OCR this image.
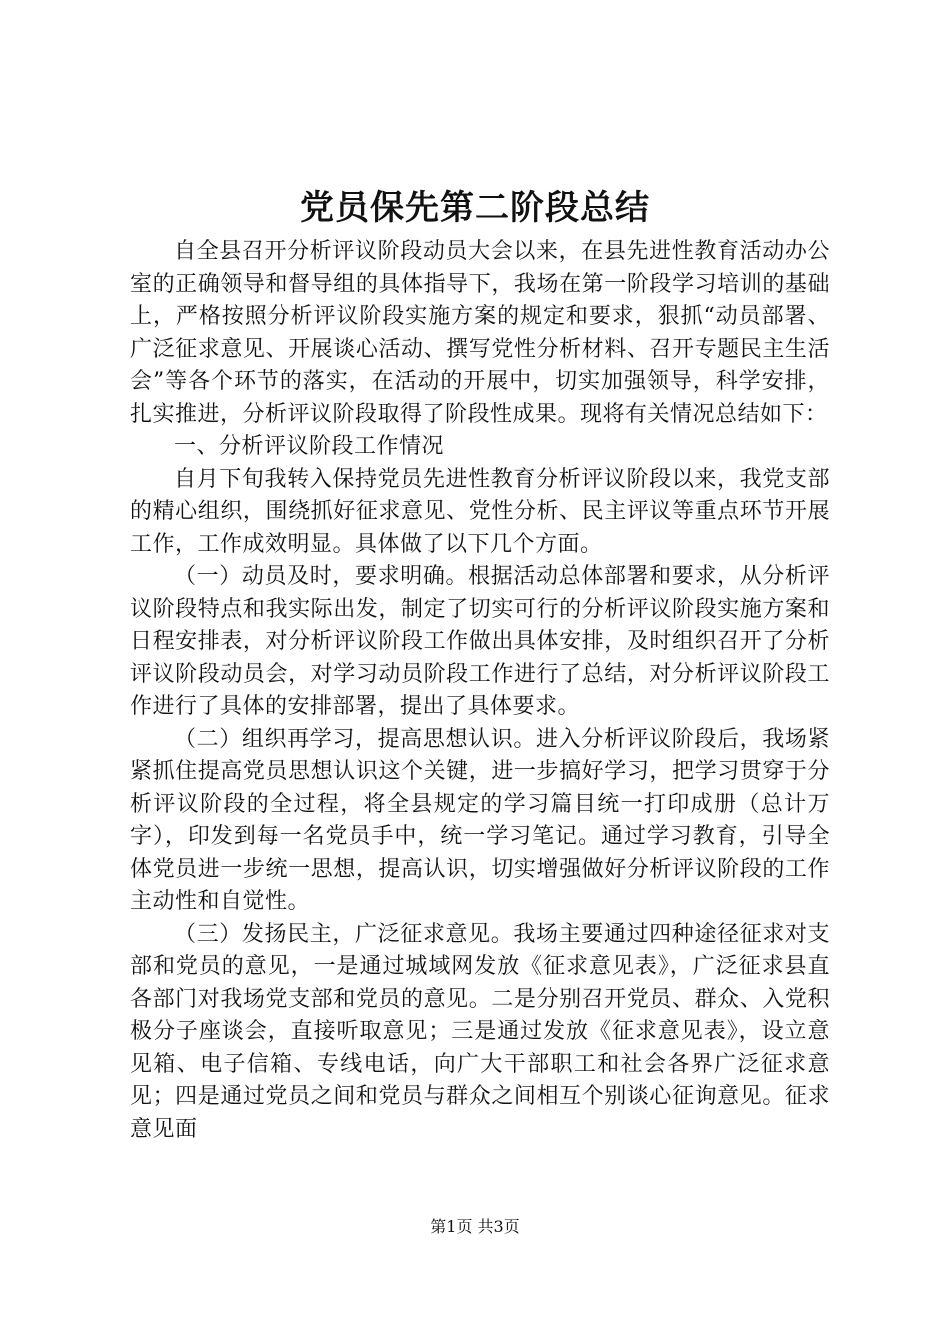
党员保先第二阶段总结

自全县召开分析评议阶段动员大会以来，在县先进性教育活动办公室的正确领导和督导组的具体指导下，我场在第一阶段学习培训的基础上，严格按照分析评议阶段实施方案的规定和要求，狠抓“动员部署、广泛征求意见、开展谈心活动、撰写党性分析材料、召开专题民主生活会”等各个环节的落实，在活动的开展中，切实加强领导，科学安排，扎实推进，分析评议阶段取得了阶段性成果。现将有关情况总结如下：

一、分析评议阶段工作情况

自月下旬我转入保持党员先进性教育分析评议阶段以来，我党支部的精心组织，围绕抓好征求意见、党性分析、民主评议等重点环节开展工作，工作成效明显。具体做了以下几个方面。

（一）动员及时，要求明确。根据活动总体部署和要求，从分析评议阶段特点和我实际出发，制定了切实可行的分析评议阶段实施方案和日程安排表，对分析评议阶段工作做出具体安排，及时组织召开了分析评议阶段动员会，对学习动员阶段工作进行了总结，对分析评议阶段工作进行了具体的安排部署，提出了具体要求。

（二）组织再学习，提高思想认识。进入分析评议阶段后，我场紧紧抓住提高党员思想认识这个关键，进一步搞好学习，把学习贯穿于分析评议阶段的全过程，将全县规定的学习篇目统一打印成册（总计万字），印发到每一名党员手中，统一学习笔记。通过学习教育，引导全体党员进一步统一思想，提高认识，切实增强做好分析评议阶段的工作主动性和自觉性。

（三）发扬民主，广泛征求意见。我场主要通过四种途径征求对支部和党员的意见，一是通过城域网发放《征求意见表》，广泛征求县直各部门对我场党支部和党员的意见。二是分别召开党员、群众、入党积极分子座谈会，直接听取意见；三是通过发放《征求意见表》，设立意见箱、电子信箱、专线电话，向广大干部职工和社会各界广泛征求意见；四是通过党员之间和党员与群众之间相互个别谈心征询意见。征求意见面

第1页 共3页
